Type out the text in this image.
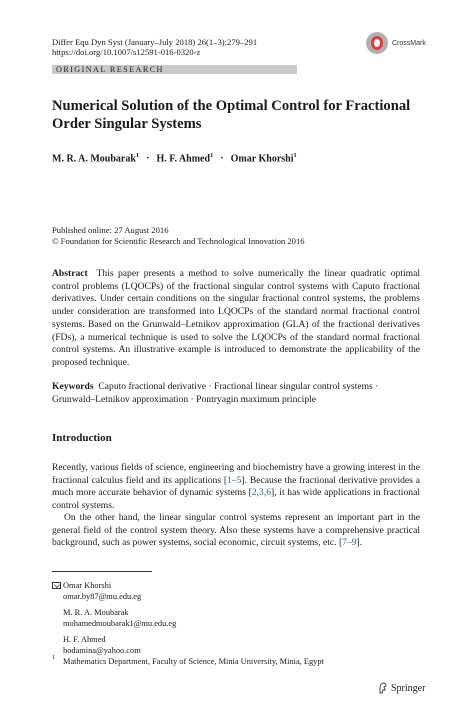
Differ Equ Dyn Syst (January–July 2018) 26(1–3):279–291
https://doi.org/10.1007/s12591-016-0320-z
CrossMark
ORIGINAL RESEARCH
Numerical Solution of the Optimal Control for Fractional Order Singular Systems
M. R. A. Moubarak$^1$ · H. F. Ahmed$^1$ · Omar Khorshi$^1$
Published online: 27 August 2016
© Foundation for Scientific Research and Technological Innovation 2016
Abstract This paper presents a method to solve numerically the linear quadratic optimal control problems (LQOCPs) of the fractional singular control systems with Caputo fractional derivatives. Under certain conditions on the singular fractional control systems, the problems under consideration are transformed into LQOCPs of the standard normal fractional control systems. Based on the Grunwald–Letnikov approximation (GLA) of the fractional derivatives (FDs), a numerical technique is used to solve the LQOCPs of the standard normal fractional control systems. An illustrative example is introduced to demonstrate the applicability of the proposed technique.
Keywords Caputo fractional derivative · Fractional linear singular control systems · Grunwald–Letnikov approximation · Pontryagin maximum principle
Introduction
Recently, various fields of science, engineering and biochemistry have a growing interest in the fractional calculus field and its applications [1–5]. Because the fractional derivative provides a much more accurate behavior of dynamic systems [2,3,6], it has wide applications in fractional control systems.
On the other hand, the linear singular control systems represent an important part in the general field of the control system theory. Also these systems have a comprehensive practical background, such as power systems, social economic, circuit systems, etc. [7–9].
Omar Khorshi
omar.by87@mu.edu.eg
M. R. A. Moubarak
mohamedmoubarak1@mu.edu.eg
H. F. Ahmed
hodamina@yahoo.com
1 Mathematics Department, Faculty of Science, Minia University, Minia, Egypt
Springer
